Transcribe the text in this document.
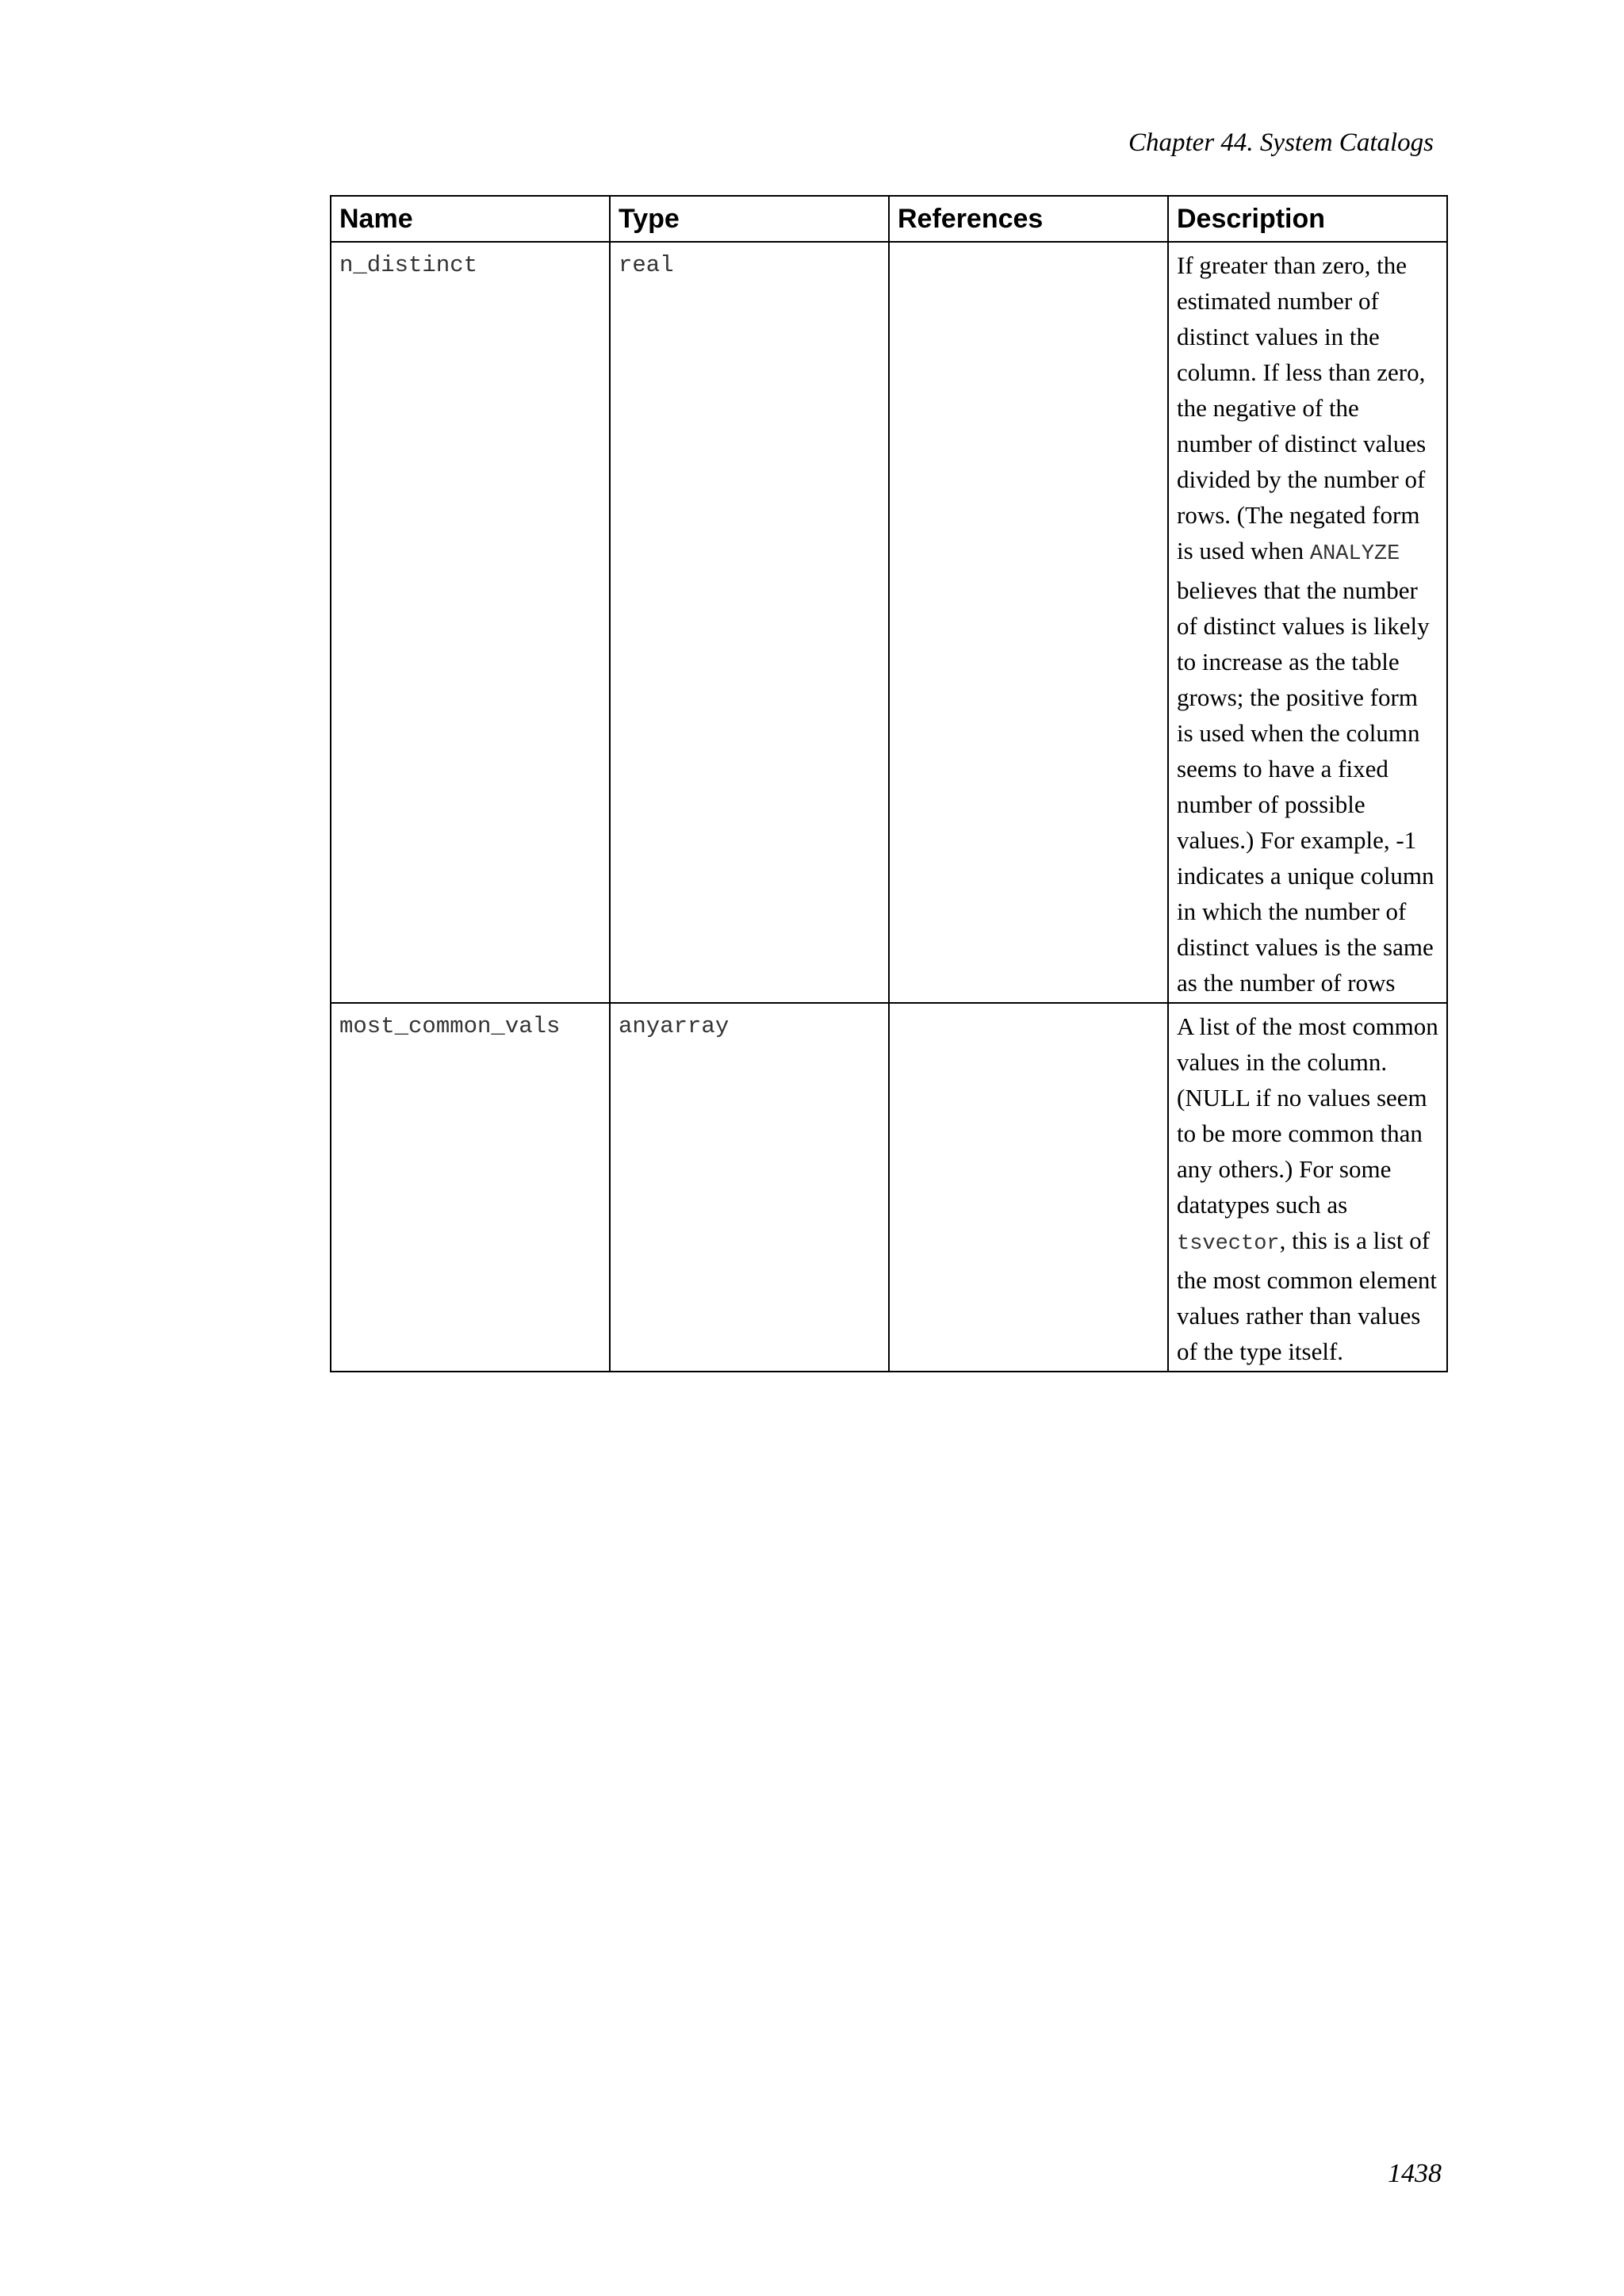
Chapter 44. System Catalogs
Name	Type	References	Description
n_distinct	real		If greater than zero, the estimated number of distinct values in the column. If less than zero, the negative of the number of distinct values divided by the number of rows. (The negated form is used when ANALYZE believes that the number of distinct values is likely to increase as the table grows; the positive form is used when the column seems to have a fixed number of possible values.) For example, -1 indicates a unique column in which the number of distinct values is the same as the number of rows
most_common_vals	anyarray		A list of the most common values in the column. (NULL if no values seem to be more common than any others.) For some datatypes such as tsvector, this is a list of the most common element values rather than values of the type itself.
1438
